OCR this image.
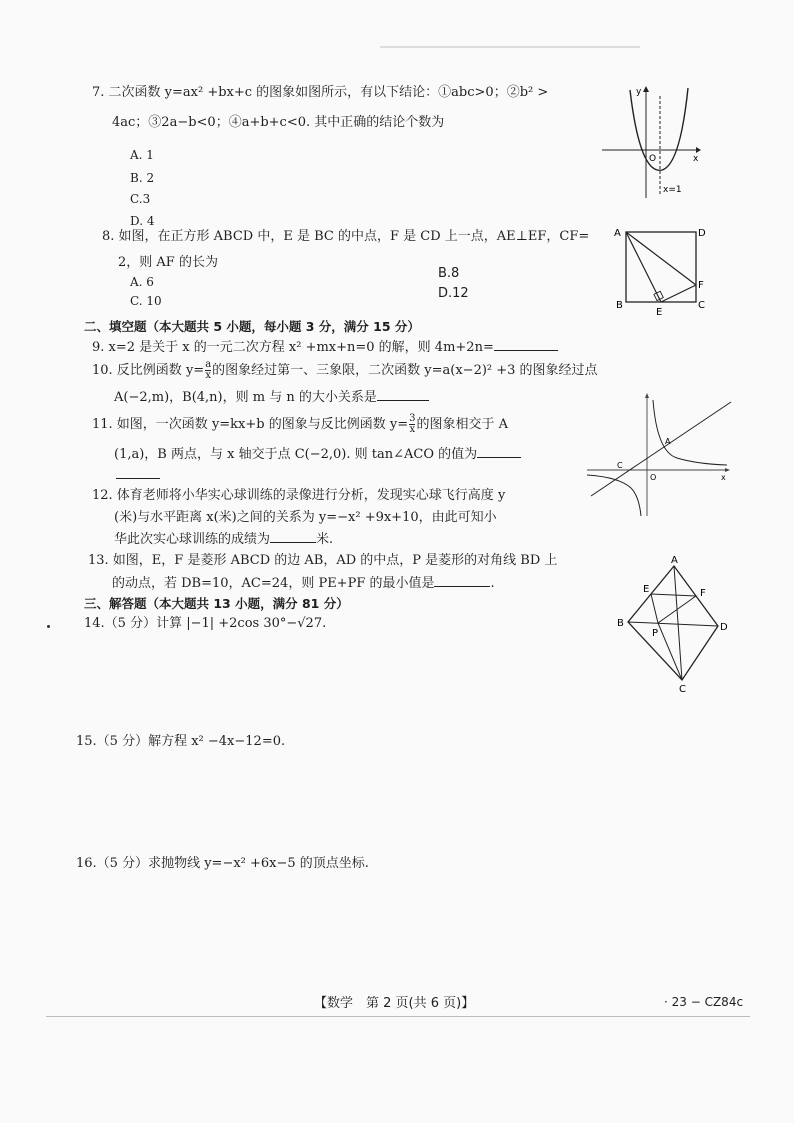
7. 二次函数 y=ax² +bx+c 的图象如图所示，有以下结论：①abc>0；②b² >
4ac；③2a−b<0；④a+b+c<0. 其中正确的结论个数为
A. 1
B. 2
C.3
D. 4
y
x
O
x=1
8. 如图，在正方形 ABCD 中，E 是 BC 的中点，F 是 CD 上一点，AE⊥EF，CF=
2，则 AF 的长为
A. 6
B.8
C. 10	D.12
A	D
B	C
E
F
二、填空题（本大题共 5 小题，每小题 3 分，满分 15 分）
9. x=2 是关于 x 的一元二次方程 x² +mx+n=0 的解，则 4m+2n=
10. 反比例函数 $y= \frac{a}{x}$ 的图象经过第一、三象限，二次函数 y=a(x−2)² +3 的图象经过点
A(−2,m)，B(4,n)，则 m 与 n 的大小关系是
11. 如图，一次函数 y=kx+b 的图象与反比例函数 $y= \frac{3}{x}$ 的图象相交于 A
(1,a)，B 两点，与 x 轴交于点 C(−2,0). 则 tan∠ACO 的值为
A
C
O	x
12. 体育老师将小华实心球训练的录像进行分析，发现实心球飞行高度 y
(米)与水平距离 x(米)之间的关系为 y=−x² +9x+10，由此可知小
华此次实心球训练的成绩为	米.
13. 如图，E，F 是菱形 ABCD 的边 AB，AD 的中点，P 是菱形的对角线 BD 上
的动点，若 DB=10，AC=24，则 PE+PF 的最小值是	.
A
B
C
D
E	F
P
三、解答题（本大题共 13 小题，满分 81 分）
14.（5 分）计算 |−1| +2cos 30°−√27.
15.（5 分）解方程 x² −4x−12=0.
16.（5 分）求抛物线 y=−x² +6x−5 的顶点坐标.
【数学　第 2 页(共 6 页)】	· 23 − CZ84c
